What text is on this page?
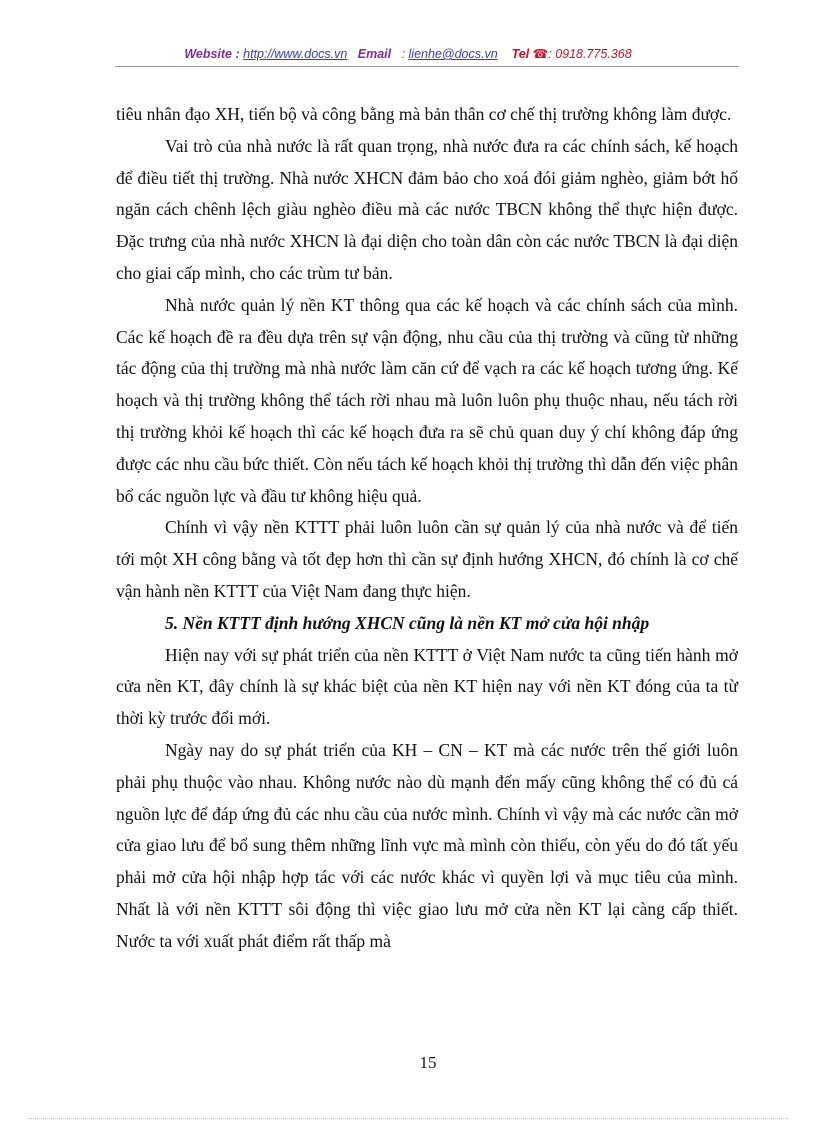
Website : http://www.docs.vn Email : lienhe@docs.vn Tel ☎: 0918.775.368

tiêu nhân đạo XH, tiến bộ và công bằng mà bản thân cơ chế thị trường không làm được.

Vai trò của nhà nước là rất quan trọng, nhà nước đưa ra các chính sách, kế hoạch để điều tiết thị trường. Nhà nước XHCN đảm bảo cho xoá đói giảm nghèo, giảm bớt hố ngăn cách chênh lệch giàu nghèo điều mà các nước TBCN không thể thực hiện được. Đặc trưng của nhà nước XHCN là đại diện cho toàn dân còn các nước TBCN là đại diện cho giai cấp mình, cho các trùm tư bản.

Nhà nước quản lý nền KT thông qua các kế hoạch và các chính sách của mình. Các kế hoạch đề ra đều dựa trên sự vận động, nhu cầu của thị trường và cũng từ những tác động của thị trường mà nhà nước làm căn cứ để vạch ra các kế hoạch tương ứng. Kế hoạch và thị trường không thể tách rời nhau mà luôn luôn phụ thuộc nhau, nếu tách rời thị trường khỏi kế hoạch thì các kế hoạch đưa ra sẽ chủ quan duy ý chí không đáp ứng được các nhu cầu bức thiết. Còn nếu tách kế hoạch khỏi thị trường thì dẫn đến việc phân bổ các nguồn lực và đầu tư không hiệu quả.

Chính vì vậy nền KTTT phải luôn luôn cần sự quản lý của nhà nước và để tiến tới một XH công bằng và tốt đẹp hơn thì cần sự định hướng XHCN, đó chính là cơ chế vận hành nền KTTT của Việt Nam đang thực hiện.

5. Nền KTTT định hướng XHCN cũng là nền KT mở cửa hội nhập

Hiện nay với sự phát triển của nền KTTT ở Việt Nam nước ta cũng tiến hành mở cửa nền KT, đây chính là sự khác biệt của nền KT hiện nay với nền KT đóng của ta từ thời kỳ trước đổi mới.

Ngày nay do sự phát triển của KH – CN – KT mà các nước trên thế giới luôn phải phụ thuộc vào nhau. Không nước nào dù mạnh đến mấy cũng không thể có đủ cá nguồn lực để đáp ứng đủ các nhu cầu của nước mình. Chính vì vậy mà các nước cần mở cửa giao lưu để bổ sung thêm những lĩnh vực mà mình còn thiếu, còn yếu do đó tất yếu phải mở cửa hội nhập hợp tác với các nước khác vì quyền lợi và mục tiêu của mình. Nhất là với nền KTTT sôi động thì việc giao lưu mở cửa nền KT lại càng cấp thiết. Nước ta với xuất phát điểm rất thấp mà

15
